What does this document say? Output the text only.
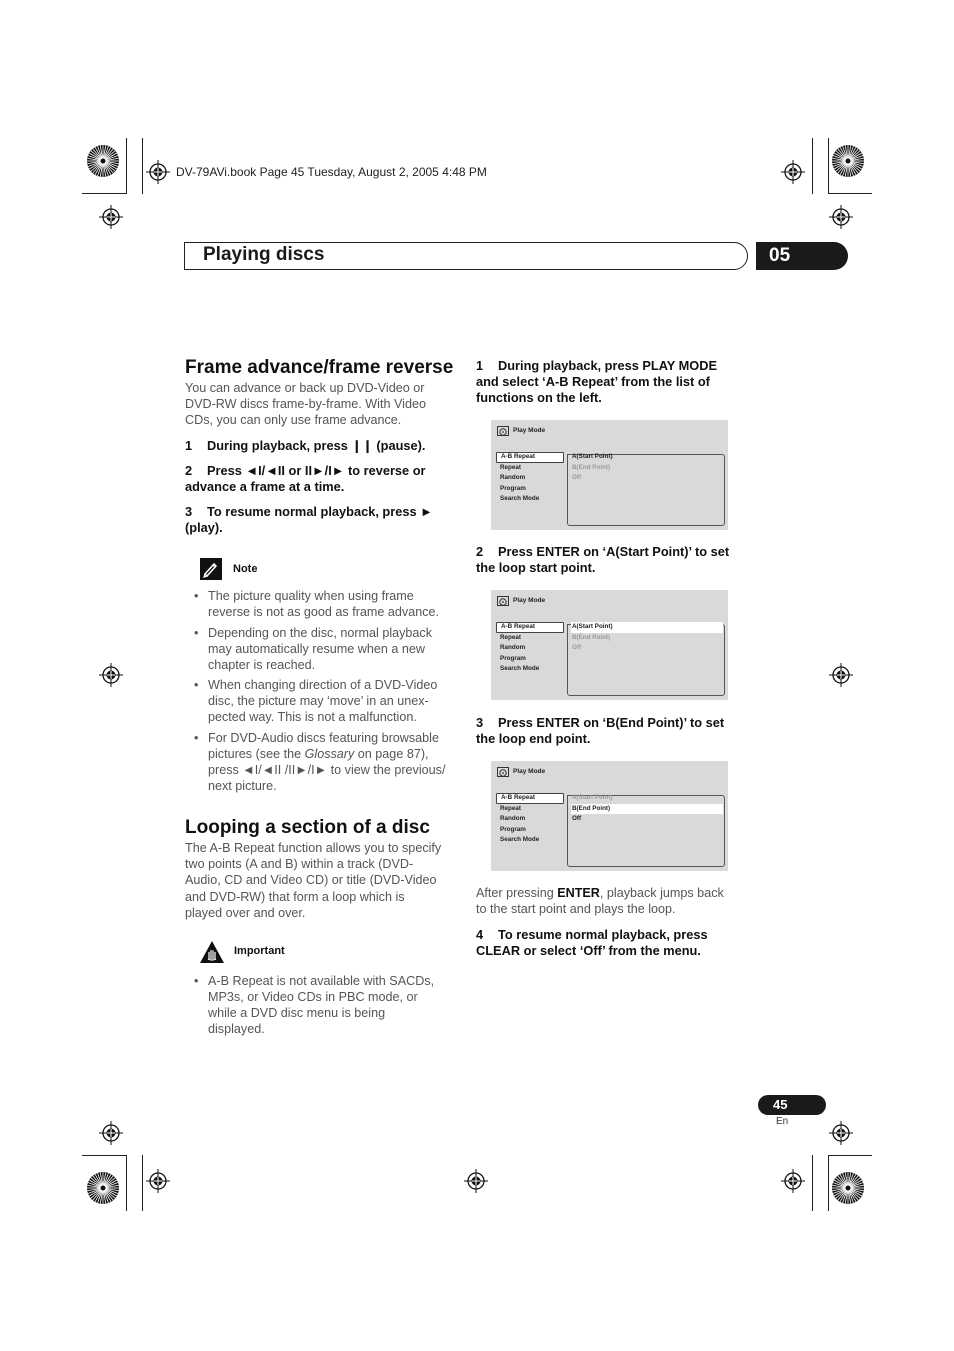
DV-79AVi.book Page 45 Tuesday, August 2, 2005 4:48 PM
Playing discs	05
Frame advance/frame reverse
You can advance or back up DVD-Video or
DVD-RW discs frame-by-frame. With Video
CDs, you can only use frame advance.
1 During playback, press ❙❙ (pause).
2 Press ◄I/◄II or II►/I► to reverse or
advance a frame at a time.
3 To resume normal playback, press ►
(play).
Note
• The picture quality when using frame
reverse is not as good as frame advance.
• Depending on the disc, normal playback
may automatically resume when a new
chapter is reached.
• When changing direction of a DVD-Video
disc, the picture may ‘move’ in an unex-
pected way. This is not a malfunction.
• For DVD-Audio discs featuring browsable
pictures (see the Glossary on page 87),
press ◄I/◄II /II►/I► to view the previous/
next picture.
Looping a section of a disc
The A-B Repeat function allows you to specify
two points (A and B) within a track (DVD-
Audio, CD and Video CD) or title (DVD-Video
and DVD-RW) that form a loop which is
played over and over.
Important
• A-B Repeat is not available with SACDs,
MP3s, or Video CDs in PBC mode, or
while a DVD disc menu is being
displayed.
1 During playback, press PLAY MODE
and select ‘A-B Repeat’ from the list of
functions on the left.
Play Mode
A-B Repeat
Repeat
Random
Program
Search Mode
A(Start Point)
B(End Point)
Off
2 Press ENTER on ‘A(Start Point)’ to set
the loop start point.
Play Mode
A-B Repeat
Repeat
Random
Program
Search Mode
A(Start Point)
B(End Point)
Off
3 Press ENTER on ‘B(End Point)’ to set
the loop end point.
Play Mode
A-B Repeat
Repeat
Random
Program
Search Mode
A(Start Point)
B(End Point)
Off
After pressing ENTER, playback jumps back
to the start point and plays the loop.
4 To resume normal playback, press
CLEAR or select ‘Off’ from the menu.
45
En
